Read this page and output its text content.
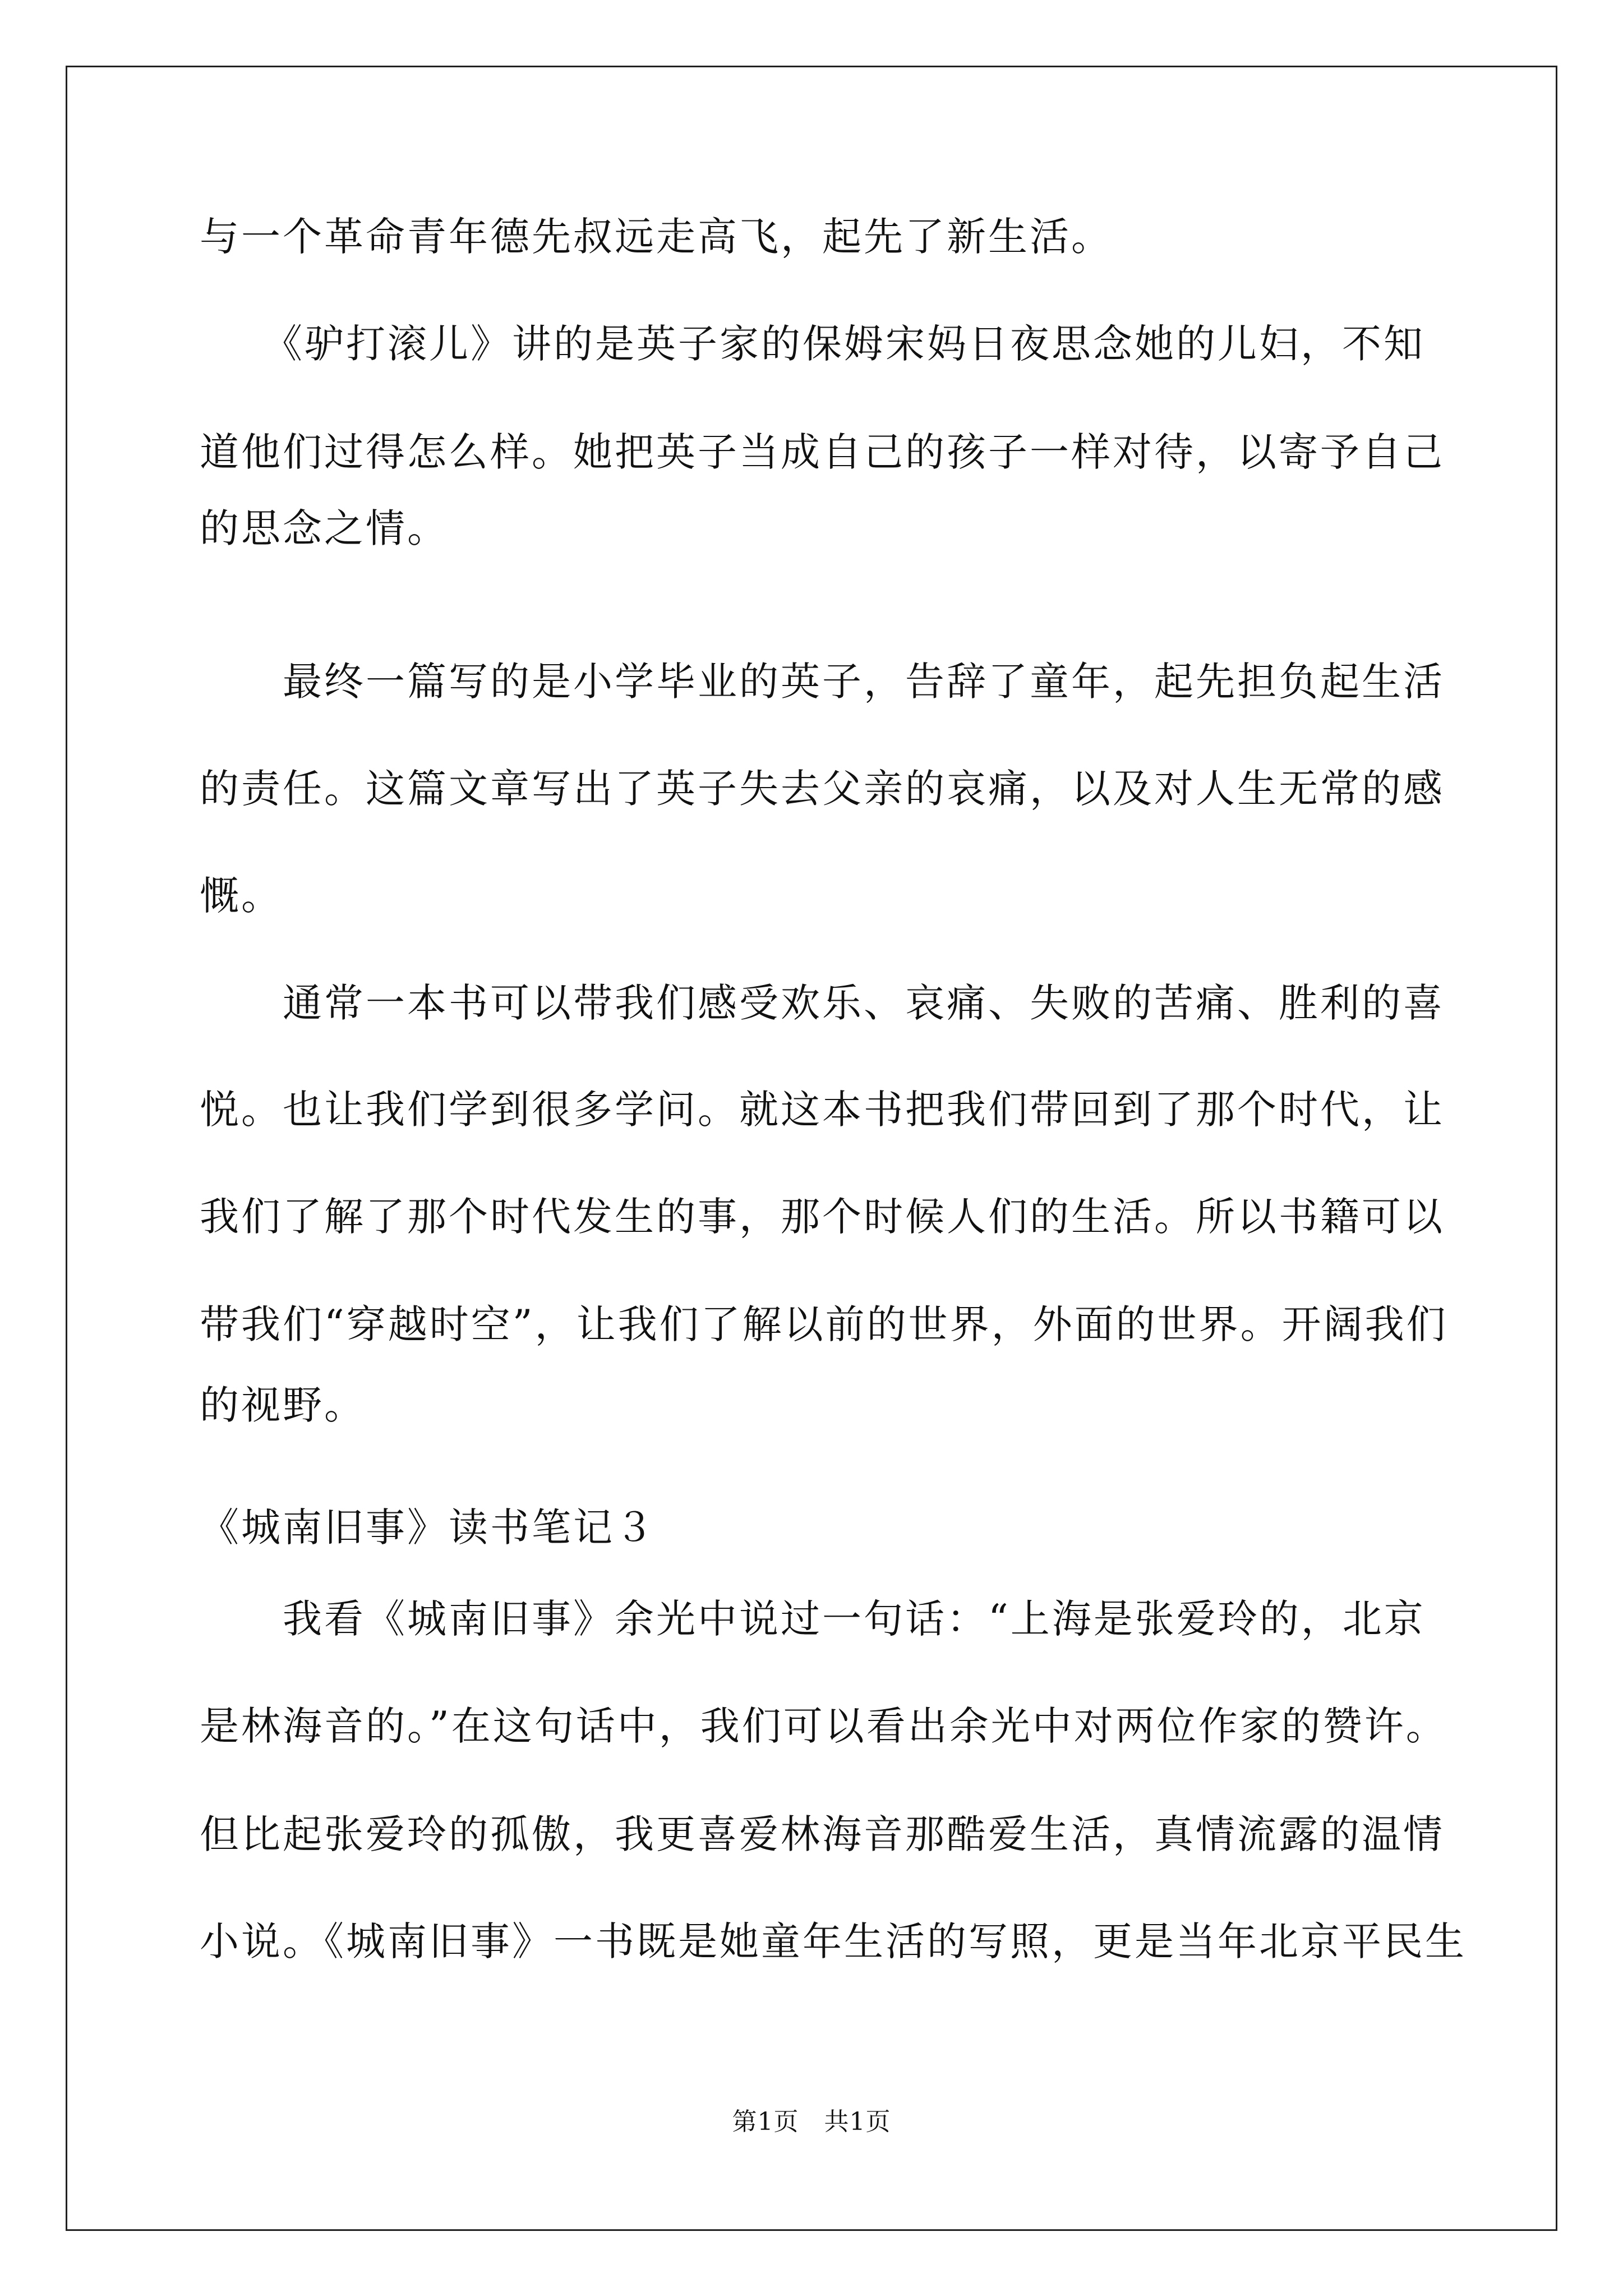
与一个革命青年德先叔远走高飞，起先了新生活。
　　《驴打滚儿》讲的是英子家的保姆宋妈日夜思念她的儿妇，不知
道他们过得怎么样。她把英子当成自己的孩子一样对待，以寄予自己
的思念之情。
　　最终一篇写的是小学毕业的英子，告辞了童年，起先担负起生活
的责任。这篇文章写出了英子失去父亲的哀痛，以及对人生无常的感
慨。
　　通常一本书可以带我们感受欢乐、哀痛、失败的苦痛、胜利的喜
悦。也让我们学到很多学问。就这本书把我们带回到了那个时代，让
我们了解了那个时代发生的事，那个时候人们的生活。所以书籍可以
带我们“穿越时空”，让我们了解以前的世界，外面的世界。开阔我们
的视野。
《城南旧事》读书笔记３
　　我看《城南旧事》余光中说过一句话：“上海是张爱玲的，北京
是林海音的。”在这句话中，我们可以看出余光中对两位作家的赞许。
但比起张爱玲的孤傲，我更喜爱林海音那酷爱生活，真情流露的温情
小说。《城南旧事》一书既是她童年生活的写照，更是当年北京平民生
第1页　共1页
